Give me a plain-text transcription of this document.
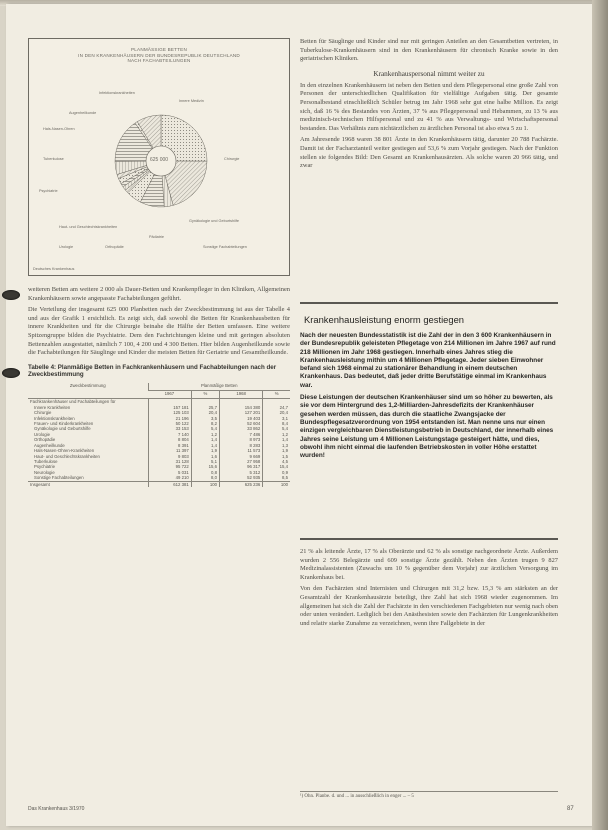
PLANMÄSSIGE BETTEN
IN DEN KRANKENHÄUSERN DER BUNDESREPUBLIK DEUTSCHLAND
NACH FACHABTEILUNGEN
625 000
Innere Medizin
Chirurgie
Gynäkologie und Geburtshilfe
Pädiatrie
Psychiatrie
Tuberkulose
Hals-Nasen-Ohren
Augenheilkunde
Haut- und Geschlechtskrankheiten
Urologie	Orthopädie
Infektionskrankheiten
Sonstige Fachabteilungen
Deutsches Krankenhaus

weiteren Betten am weitere 2 000 als Dauer-Betten und Krankenpfleger in den Kliniken, Allgemeinen Krankenhäusern sowie angepasste Fachabteilungen geführt.

Die Verteilung der insgesamt 625 000 Planbetten nach der Zweckbestimmung ist aus der Tabelle 4 und aus der Grafik 1 ersichtlich. Es zeigt sich, daß sowohl die Betten für Krankenhausbetten für innere Krankheiten und für die Chirurgie beinahe die Hälfte der Betten umfassen. Eine weitere Spitzengruppe bilden die Psychiatrie. Dem den Fachrichtungen kleine und mit geringen absoluten Bettenzahlen ausgestattet, nämlich 7 100, 4 200 und 4 300 Betten. Hier bilden Augenheilkunde sowie die Fachabteilungen für Säuglinge und Kinder die meisten Betten für Geriatrie und Gesamtheilkunde.

Tabelle 4: Planmäßige Betten in Fachkrankenhäusern und Fachabteilungen nach der Zweckbestimmung
Zweckbestimmung	Planmäßige Betten			
	1967	%	1968	%
Fachkrankenhäuser und Fachabteilungen für				
Innere Krankheiten	157 181	25,7	154 380	24,7
Chirurgie	125 103	20,4	127 201	20,4
Infektionskrankheiten	21 196	3,5	19 403	3,1
Frauen- und Kinderkrankheiten	50 122	8,2	52 604	8,4
Gynäkologie und Geburtshilfe	33 153	5,4	33 862	5,4
Urologie	7 140	1,2	7 486	1,2
Orthopädie	8 804	1,4	8 973	1,4
Augenheilkunde	8 391	1,4	8 283	1,3
Hals-Nasen-Ohren-Krankheiten	11 397	1,9	11 573	1,9
Haut- und Geschlechtskrankheiten	9 803	1,6	9 669	1,5
Tuberkulose	31 128	5,1	27 958	4,5
Psychiatrie	95 722	15,6	96 317	15,4
Neurologie	5 031	0,8	5 312	0,9
Sonstige Fachabteilungen	49 210	8,0	52 935	8,5
Insgesamt	612 381	100	625 236	100

Betten für Säuglinge und Kinder sind nur mit geringen Anteilen an den Gesamtbetten vertreten, in Tuberkulose-Krankenhäusern sind in den Krankenhäusern für chronisch Kranke sowie in den geriatrischen Kliniken.

Krankenhauspersonal nimmt weiter zu

In den einzelnen Krankenhäusern ist neben den Betten und dem Pflegepersonal eine große Zahl von Personen der unterschiedlichen Qualifikation für vielfältige Aufgaben tätig. Der gesamte Personalbestand einschließlich Schüler betrug im Jahr 1968 sehr gut eine halbe Million. Es zeigt sich, daß 16 % des Bestandes von Ärzten, 37 % aus Pflegepersonal und Hebammen, zu 13 % aus medizinisch-technischen Hilfspersonal und zu 41 % aus Verwaltungs- und Wirtschaftspersonal bestanden. Das Verhältnis zum nichtärztlichen zu ärztlichen Personal ist also etwa 5 zu 1.

Am Jahresende 1968 waren 38 801 Ärzte in den Krankenhäusern tätig, darunter 20 788 Fachärzte. Damit ist der Facharztanteil weiter gestiegen auf 53,6 % zum Vorjahr gestiegen. Nach der Funktion stellen sie folgendes Bild: Den Gesamt an Krankenhausärzten. Als solche waren 20 966 tätig, und zwar

Krankenhausleistung enorm gestiegen

Nach der neuesten Bundesstatistik ist die Zahl der in den 3 600 Krankenhäusern in der Bundesrepublik geleisteten Pflegetage von 214 Millionen im Jahre 1967 auf rund 218 Millionen im Jahr 1968 gestiegen. Innerhalb eines Jahres stieg die Krankenhausleistung mithin um 4 Millionen Pflegetage. Jeder sieben Einwohner befand sich 1968 einmal zu stationärer Behandlung in einem deutschen Krankenhaus. Das bedeutet, daß jeder dritte Berufstätige einmal im Krankenhaus war.

Diese Leistungen der deutschen Krankenhäuser sind um so höher zu bewerten, als sie vor dem Hintergrund des 1,2-Milliarden-Jahresdefizits der Krankenhäuser gesehen werden müssen, das durch die staatliche Zwangsjacke der Bundespflegesatzverordnung von 1954 entstanden ist. Man nenne uns nur einen einzigen vergleichbaren Dienstleistungsbetrieb in Deutschland, der innerhalb eines Jahres seine Leistung um 4 Millionen Leistungstage gesteigert hätte, und dies, obwohl ihm nicht einmal die laufenden Betriebskosten in voller Höhe erstattet wurden!

21 % als leitende Ärzte, 17 % als Oberärzte und 62 % als sonstige nachgeordnete Ärzte. Außerdem wurden 2 556 Belegärzte und 609 sonstige Ärzte gezählt. Neben den Ärzten trugen 9 827 Medizinalassistenten (Zuwachs um 10 % gegenüber dem Vorjahr) zur ärztlichen Versorgung im Krankenhaus bei.

Von den Fachärzten sind Internisten und Chirurgen mit 31,2 bzw. 15,3 % am stärksten an der Gesamtzahl der Krankenhausärzte beteiligt, ihre Zahl hat sich 1968 wieder zugenommen. Im allgemeinen hat sich die Zahl der Fachärzte in den verschiedenen Fachgebieten nur wenig nach oben oder unten verändert. Lediglich bei den Anästhesisten sowie den Fachärzten für Lungenkrankheiten und relativ starke Zunahme zu verzeichnen, wenn ihre Fallgebiete in der

¹) Ohn. Planbe. d. und ... in ausschließlich in enger ... – 5
Das Krankenhaus 3/1970	87
